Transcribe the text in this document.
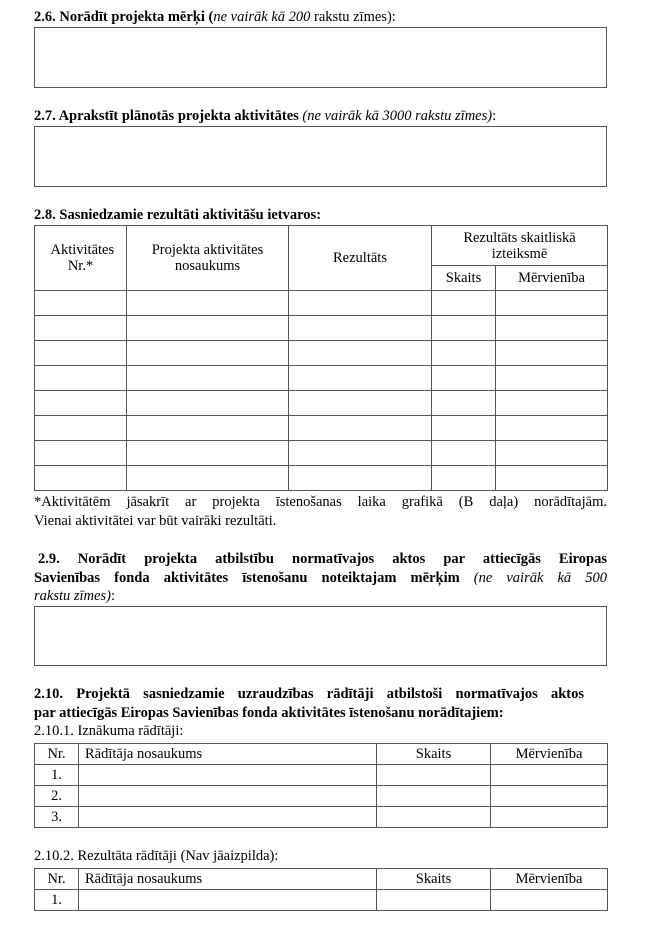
2.6. Norādīt projekta mērķi (ne vairāk kā 200 rakstu zīmes):
2.7. Aprakstīt plānotās projekta aktivitātes (ne vairāk kā 3000 rakstu zīmes):
2.8. Sasniedzamie rezultāti aktivitāšu ietvaros:
Aktivitātes Nr.*	Projekta aktivitātes nosaukums	Rezultāts	Rezultāts skaitliskā izteiksmē	

			Skaits	Mērvienība

*Aktivitātēm jāsakrīt ar projekta īstenošanas laika grafikā (B daļa) norādītajām.
Vienai aktivitātei var būt vairāki rezultāti.
2.9. Norādīt projekta atbilstību normatīvajos aktos par attiecīgās Eiropas
Savienības fonda aktivitātes īstenošanu noteiktajam mērķim (ne vairāk kā 500
rakstu zīmes):
2.10. Projektā sasniedzamie uzraudzības rādītāji atbilstoši normatīvajos aktos
par attiecīgās Eiropas Savienības fonda aktivitātes īstenošanu norādītajiem:
2.10.1. Iznākuma rādītāji:
Nr.	Rādītāja nosaukums	Skaits	Mērvienība
1.			
2.			
3.			
2.10.2. Rezultāta rādītāji (Nav jāaizpilda):
Nr.	Rādītāja nosaukums	Skaits	Mērvienība
1.			
